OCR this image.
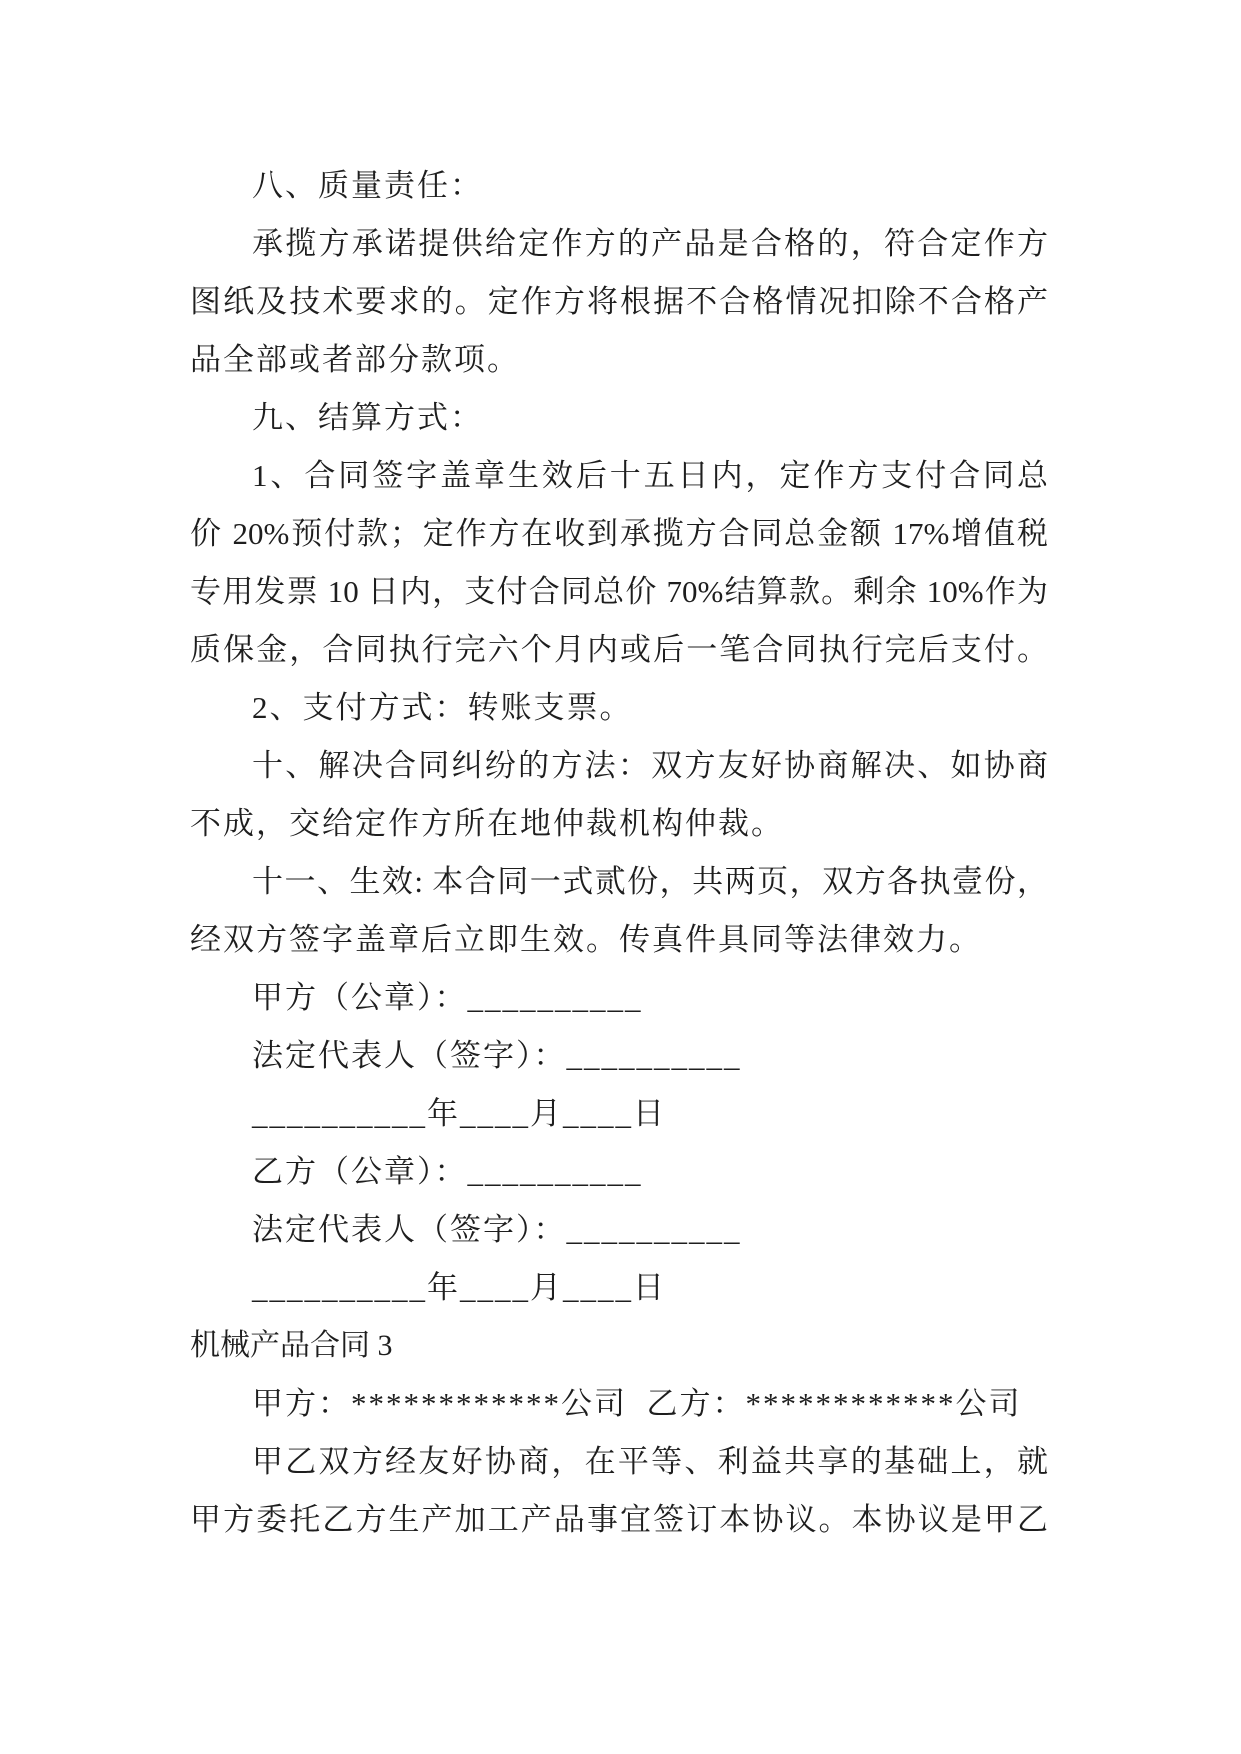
八、质量责任：
承揽方承诺提供给定作方的产品是合格的，符合定作方
图纸及技术要求的。定作方将根据不合格情况扣除不合格产
品全部或者部分款项。
九、结算方式：
1、合同签字盖章生效后十五日内，定作方支付合同总
价 20%预付款；定作方在收到承揽方合同总金额 17%增值税
专用发票 10 日内，支付合同总价 70%结算款。剩余 10%作为
质保金，合同执行完六个月内或后一笔合同执行完后支付。
2、支付方式：转账支票。
十、解决合同纠纷的方法：双方友好协商解决、如协商
不成，交给定作方所在地仲裁机构仲裁。
十一、生效: 本合同一式贰份，共两页，双方各执壹份，
经双方签字盖章后立即生效。传真件具同等法律效力。
甲方（公章）：__________
法定代表人（签字）：__________
__________年____月____日
乙方（公章）：__________
法定代表人（签字）：__________
__________年____月____日
机械产品合同 3
甲方：************公司  乙方：************公司
甲乙双方经友好协商，在平等、利益共享的基础上，就
甲方委托乙方生产加工产品事宜签订本协议。本协议是甲乙
